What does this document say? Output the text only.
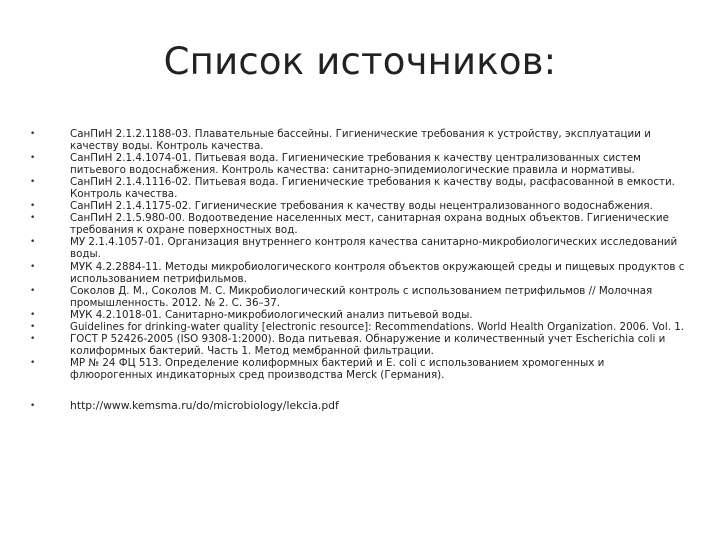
Список источников:
•	СанПиН 2.1.2.1188-03. Плавательные бассейны. Гигиенические требования к устройству, эксплуатации и качеству воды. Контроль качества.
•	СанПиН 2.1.4.1074-01. Питьевая вода. Гигиенические требования к качеству централизованных систем питьевого водоснабжения. Контроль качества: санитарно-эпидемиологические правила и нормативы.
•	СанПиН 2.1.4.1116-02. Питьевая вода. Гигиенические требования к качеству воды, расфасованной в емкости. Контроль качества.
•	СанПиН 2.1.4.1175-02. Гигиенические требования к качеству воды нецентрализованного водоснабжения.
•	СанПиН 2.1.5.980-00. Водоотведение населенных мест, санитарная охрана водных объектов. Гигиенические требования к охране поверхностных вод.
•	МУ 2.1.4.1057-01. Организация внутреннего контроля качества санитарно-микробиологических исследований воды.
•	МУК 4.2.2884-11. Методы микробиологического контроля объектов окружающей среды и пищевых продуктов с использованием петрифильмов.
•	Соколов Д. М., Соколов М. С. Микробиологический контроль с использованием петрифильмов // Молочная промышленность. 2012. № 2. С. 36–37.
•	МУК 4.2.1018-01. Санитарно-микробиологический анализ питьевой воды.
•	Guidelines for drinking-water quality [electronic resource]: Recommendations. World Health Organization. 2006. Vol. 1.
•	ГОСТ Р 52426-2005 (ISO 9308-1:2000). Вода питьевая. Обнаружение и количественный учет Escherichia coli и колиформных бактерий. Часть 1. Метод мембранной фильтрации.
•	МР № 24 ФЦ 513. Определение колиформных бактерий и E. coli с использованием хромогенных и флюорогенных индикаторных сред производства Merck (Германия).
•	http://www.kemsma.ru/do/microbiology/lekcia.pdf
